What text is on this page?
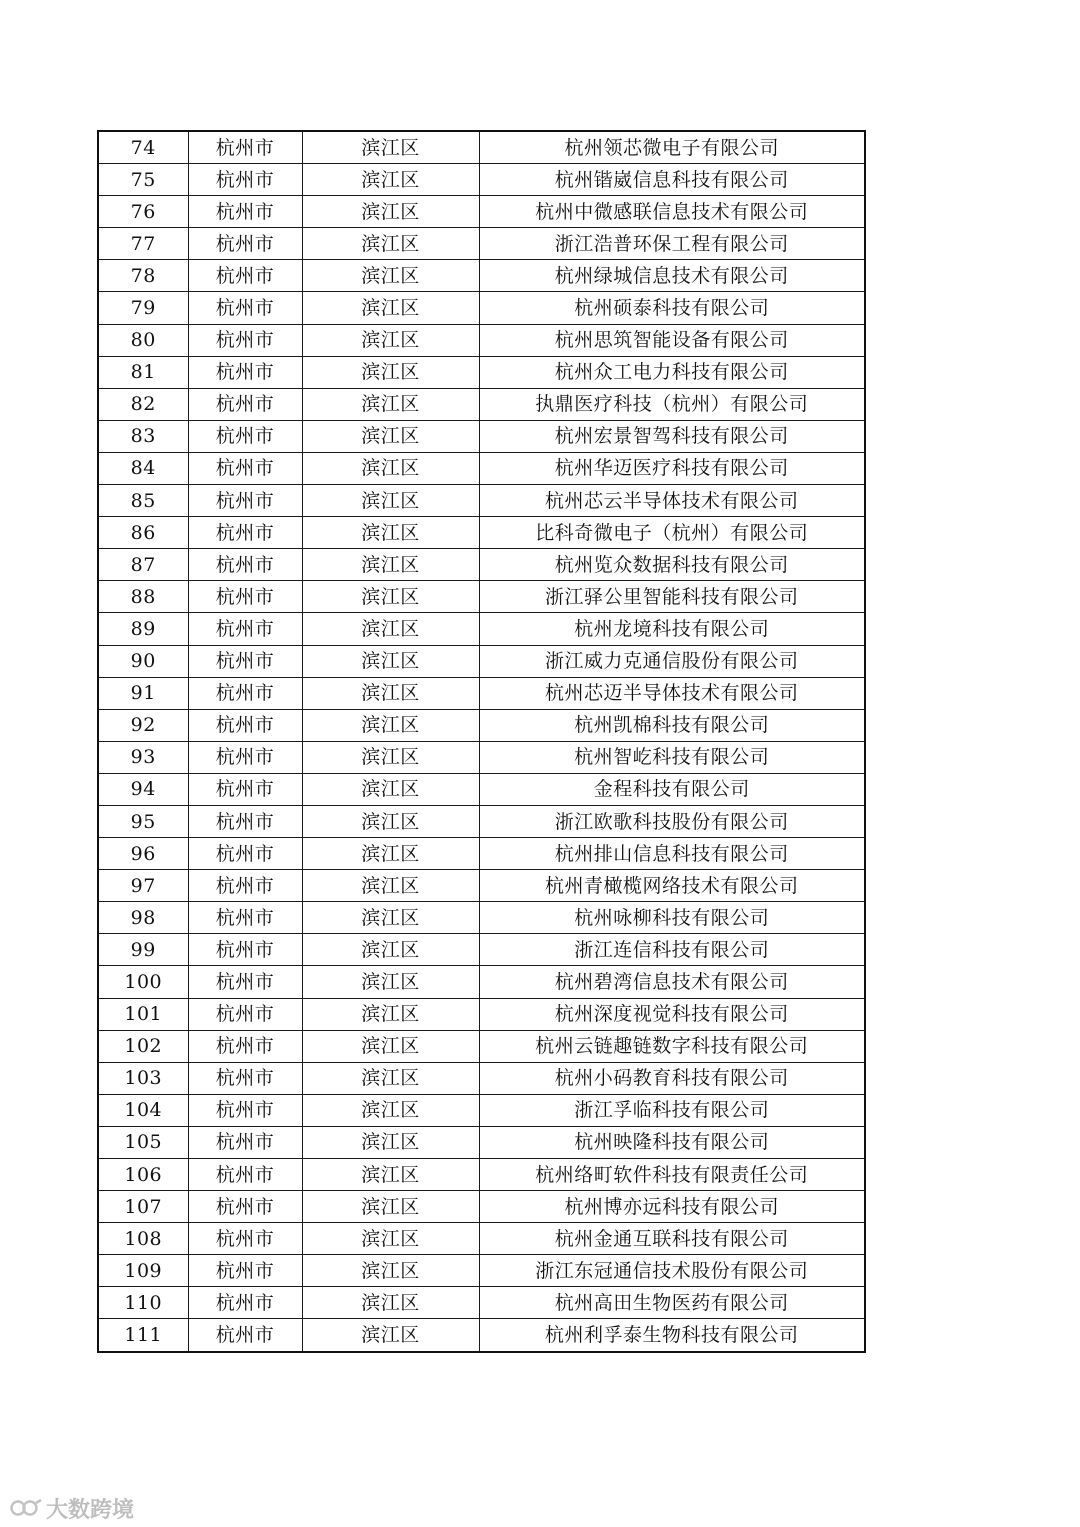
74	杭州市	滨江区	杭州领芯微电子有限公司
75	杭州市	滨江区	杭州锴崴信息科技有限公司
76	杭州市	滨江区	杭州中微感联信息技术有限公司
77	杭州市	滨江区	浙江浩普环保工程有限公司
78	杭州市	滨江区	杭州绿城信息技术有限公司
79	杭州市	滨江区	杭州硕泰科技有限公司
80	杭州市	滨江区	杭州思筑智能设备有限公司
81	杭州市	滨江区	杭州众工电力科技有限公司
82	杭州市	滨江区	执鼎医疗科技（杭州）有限公司
83	杭州市	滨江区	杭州宏景智驾科技有限公司
84	杭州市	滨江区	杭州华迈医疗科技有限公司
85	杭州市	滨江区	杭州芯云半导体技术有限公司
86	杭州市	滨江区	比科奇微电子（杭州）有限公司
87	杭州市	滨江区	杭州览众数据科技有限公司
88	杭州市	滨江区	浙江驿公里智能科技有限公司
89	杭州市	滨江区	杭州龙境科技有限公司
90	杭州市	滨江区	浙江威力克通信股份有限公司
91	杭州市	滨江区	杭州芯迈半导体技术有限公司
92	杭州市	滨江区	杭州凯棉科技有限公司
93	杭州市	滨江区	杭州智屹科技有限公司
94	杭州市	滨江区	金程科技有限公司
95	杭州市	滨江区	浙江欧歌科技股份有限公司
96	杭州市	滨江区	杭州排山信息科技有限公司
97	杭州市	滨江区	杭州青橄榄网络技术有限公司
98	杭州市	滨江区	杭州咏柳科技有限公司
99	杭州市	滨江区	浙江连信科技有限公司
100	杭州市	滨江区	杭州碧湾信息技术有限公司
101	杭州市	滨江区	杭州深度视觉科技有限公司
102	杭州市	滨江区	杭州云链趣链数字科技有限公司
103	杭州市	滨江区	杭州小码教育科技有限公司
104	杭州市	滨江区	浙江孚临科技有限公司
105	杭州市	滨江区	杭州映隆科技有限公司
106	杭州市	滨江区	杭州络町软件科技有限责任公司
107	杭州市	滨江区	杭州博亦远科技有限公司
108	杭州市	滨江区	杭州金通互联科技有限公司
109	杭州市	滨江区	浙江东冠通信技术股份有限公司
110	杭州市	滨江区	杭州高田生物医药有限公司
111	杭州市	滨江区	杭州利孚泰生物科技有限公司
大数跨境
